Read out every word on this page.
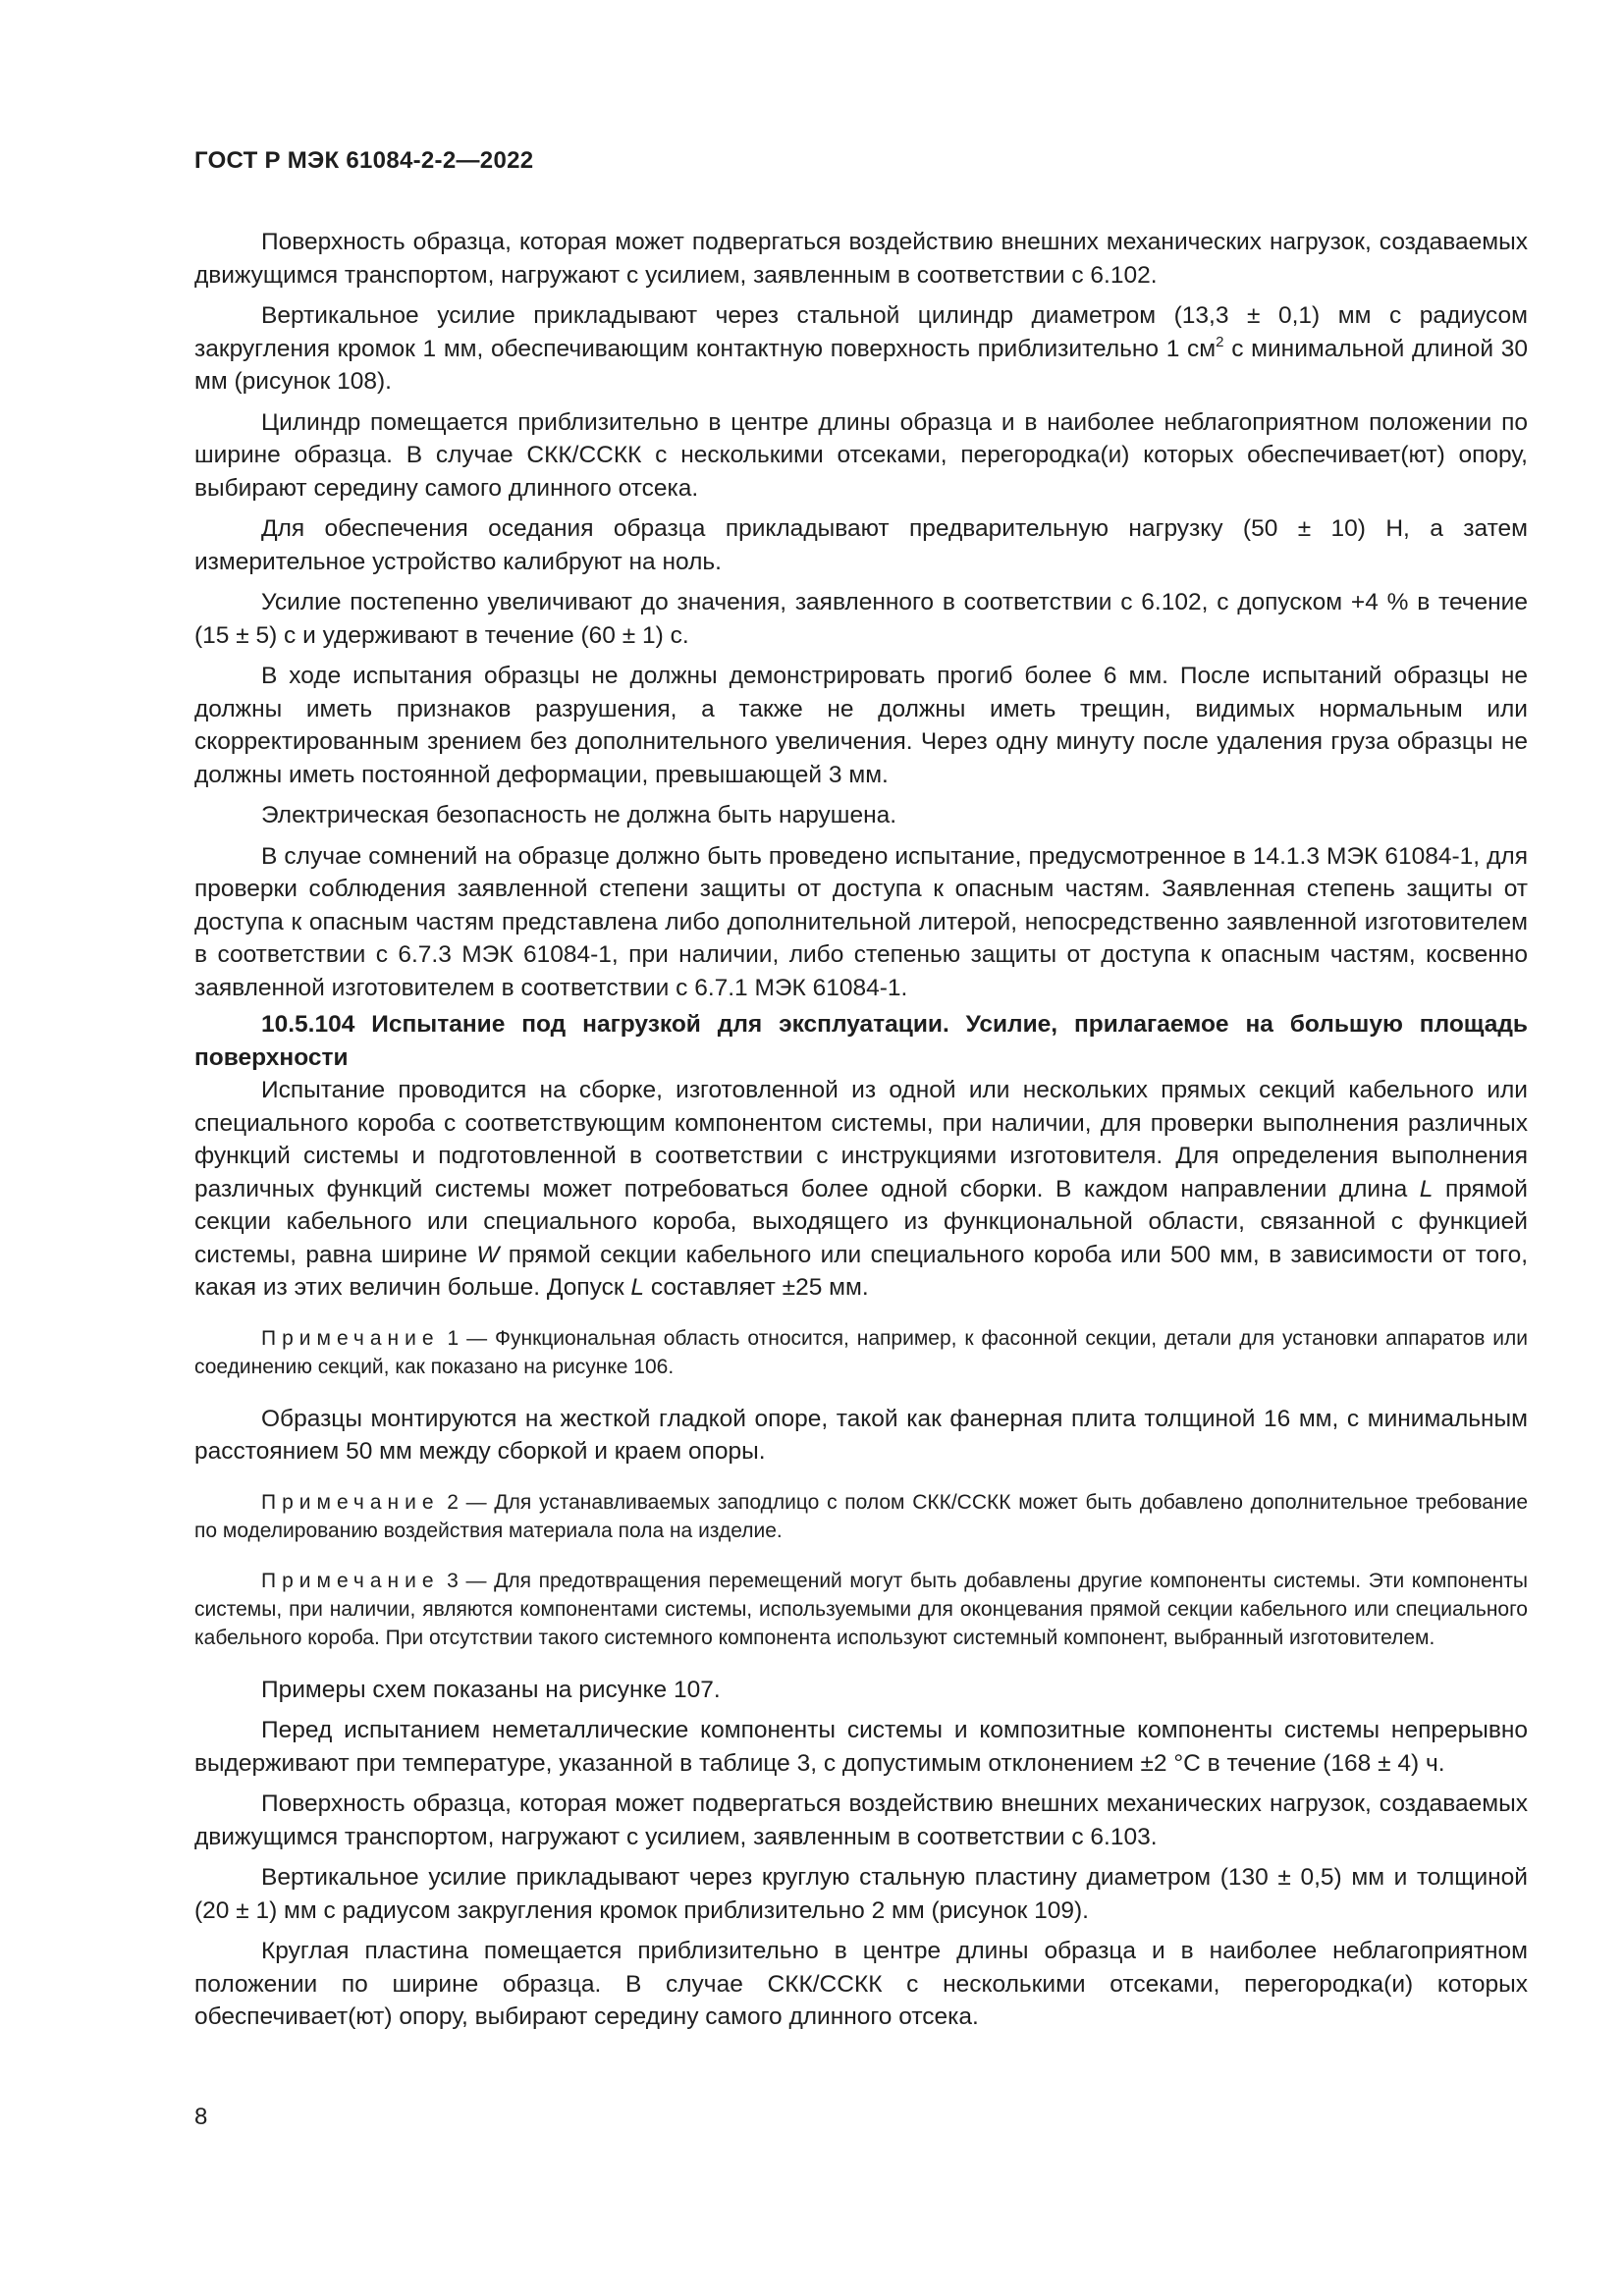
ГОСТ Р МЭК 61084-2-2—2022

Поверхность образца, которая может подвергаться воздействию внешних механических нагрузок, создаваемых движущимся транспортом, нагружают с усилием, заявленным в соответствии с 6.102.

Вертикальное усилие прикладывают через стальной цилиндр диаметром (13,3 ± 0,1) мм с радиусом закругления кромок 1 мм, обеспечивающим контактную поверхность приблизительно 1 $см^2$ с минимальной длиной 30 мм (рисунок 108).

Цилиндр помещается приблизительно в центре длины образца и в наиболее неблагоприятном положении по ширине образца. В случае СКК/ССКК с несколькими отсеками, перегородка(и) которых обеспечивает(ют) опору, выбирают середину самого длинного отсека.

Для обеспечения оседания образца прикладывают предварительную нагрузку (50 ± 10) Н, а затем измерительное устройство калибруют на ноль.

Усилие постепенно увеличивают до значения, заявленного в соответствии с 6.102, с допуском +4 % в течение (15 ± 5) с и удерживают в течение (60 ± 1) с.

В ходе испытания образцы не должны демонстрировать прогиб более 6 мм. После испытаний образцы не должны иметь признаков разрушения, а также не должны иметь трещин, видимых нормальным или скорректированным зрением без дополнительного увеличения. Через одну минуту после удаления груза образцы не должны иметь постоянной деформации, превышающей 3 мм.

Электрическая безопасность не должна быть нарушена.

В случае сомнений на образце должно быть проведено испытание, предусмотренное в 14.1.3 МЭК 61084-1, для проверки соблюдения заявленной степени защиты от доступа к опасным частям. Заявленная степень защиты от доступа к опасным частям представлена либо дополнительной литерой, непосредственно заявленной изготовителем в соответствии с 6.7.3 МЭК 61084-1, при наличии, либо степенью защиты от доступа к опасным частям, косвенно заявленной изготовителем в соответствии с 6.7.1 МЭК 61084-1.

10.5.104 Испытание под нагрузкой для эксплуатации. Усилие, прилагаемое на большую площадь поверхности

Испытание проводится на сборке, изготовленной из одной или нескольких прямых секций кабельного или специального короба с соответствующим компонентом системы, при наличии, для проверки выполнения различных функций системы и подготовленной в соответствии с инструкциями изготовителя. Для определения выполнения различных функций системы может потребоваться более одной сборки. В каждом направлении длина L прямой секции кабельного или специального короба, выходящего из функциональной области, связанной с функцией системы, равна ширине W прямой секции кабельного или специального короба или 500 мм, в зависимости от того, какая из этих величин больше. Допуск L составляет ±25 мм.

Примечание 1 — Функциональная область относится, например, к фасонной секции, детали для установки аппаратов или соединению секций, как показано на рисунке 106.

Образцы монтируются на жесткой гладкой опоре, такой как фанерная плита толщиной 16 мм, с минимальным расстоянием 50 мм между сборкой и краем опоры.

Примечание 2 — Для устанавливаемых заподлицо с полом СКК/ССКК может быть добавлено дополнительное требование по моделированию воздействия материала пола на изделие.

Примечание 3 — Для предотвращения перемещений могут быть добавлены другие компоненты системы. Эти компоненты системы, при наличии, являются компонентами системы, используемыми для оконцевания прямой секции кабельного или специального кабельного короба. При отсутствии такого системного компонента используют системный компонент, выбранный изготовителем.

Примеры схем показаны на рисунке 107.

Перед испытанием неметаллические компоненты системы и композитные компоненты системы непрерывно выдерживают при температуре, указанной в таблице 3, с допустимым отклонением ±2 °С в течение (168 ± 4) ч.

Поверхность образца, которая может подвергаться воздействию внешних механических нагрузок, создаваемых движущимся транспортом, нагружают с усилием, заявленным в соответствии с 6.103.

Вертикальное усилие прикладывают через круглую стальную пластину диаметром (130 ± 0,5) мм и толщиной (20 ± 1) мм с радиусом закругления кромок приблизительно 2 мм (рисунок 109).

Круглая пластина помещается приблизительно в центре длины образца и в наиболее неблагоприятном положении по ширине образца. В случае СКК/ССКК с несколькими отсеками, перегородка(и) которых обеспечивает(ют) опору, выбирают середину самого длинного отсека.

8
